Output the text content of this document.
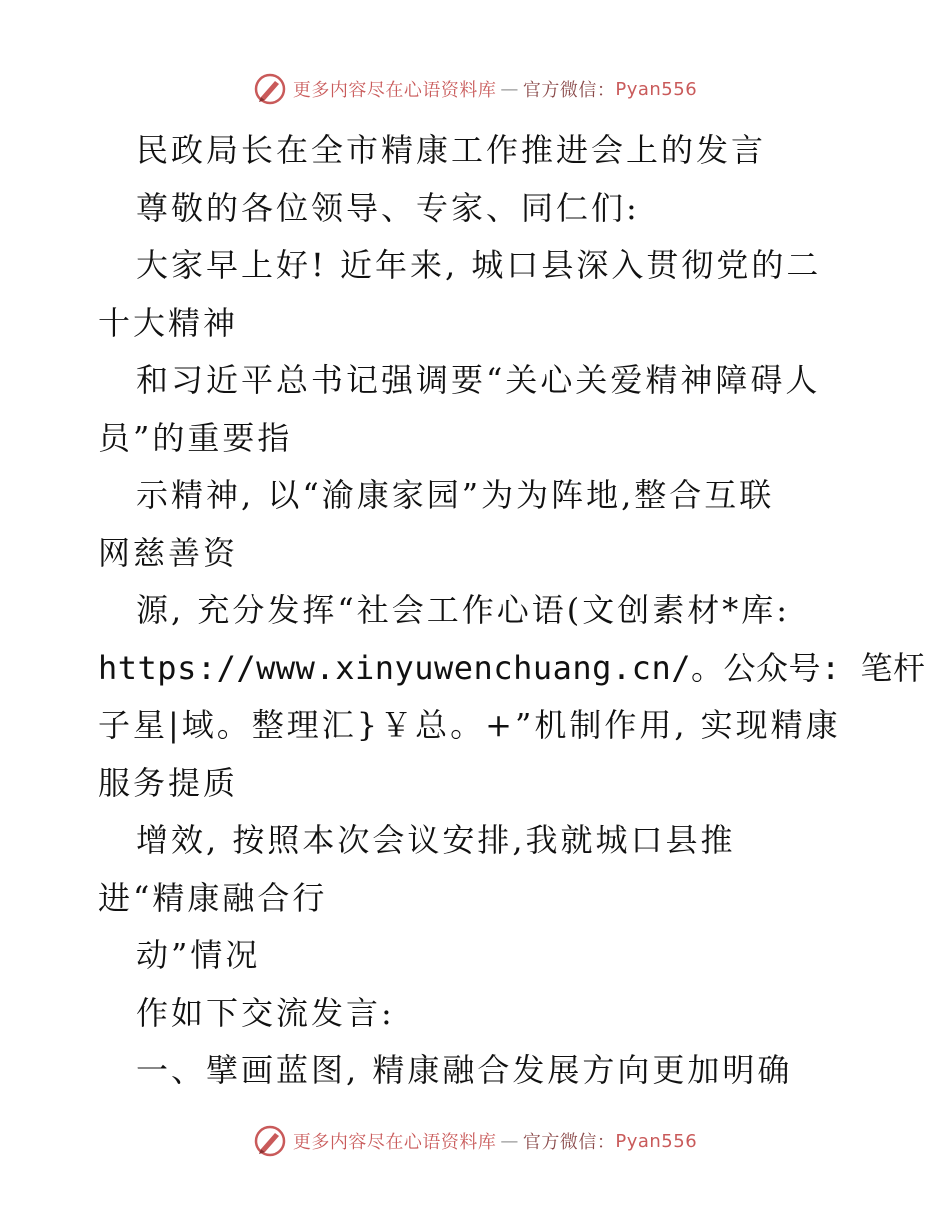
更多内容尽在心语资料库 — 官方微信： Pyan556
民政局长在全市精康工作推进会上的发言
尊敬的各位领导、专家、同仁们:
大家早上好! 近年来, 城口县深入贯彻党的二
十大精神
和习近平总书记强调要“关心关爱精神障碍人
员”的重要指
示精神, 以“渝康家园”为为阵地,整合互联
网慈善资
源, 充分发挥“社会工作心语(文创素材*库:
https://www.xinyuwenchuang.cn/。公众号: 笔杆
子星|域。整理汇}￥总。+”机制作用, 实现精康
服务提质
增效, 按照本次会议安排,我就城口县推
进“精康融合行
动”情况
作如下交流发言:
一、擘画蓝图, 精康融合发展方向更加明确
更多内容尽在心语资料库 — 官方微信： Pyan556
